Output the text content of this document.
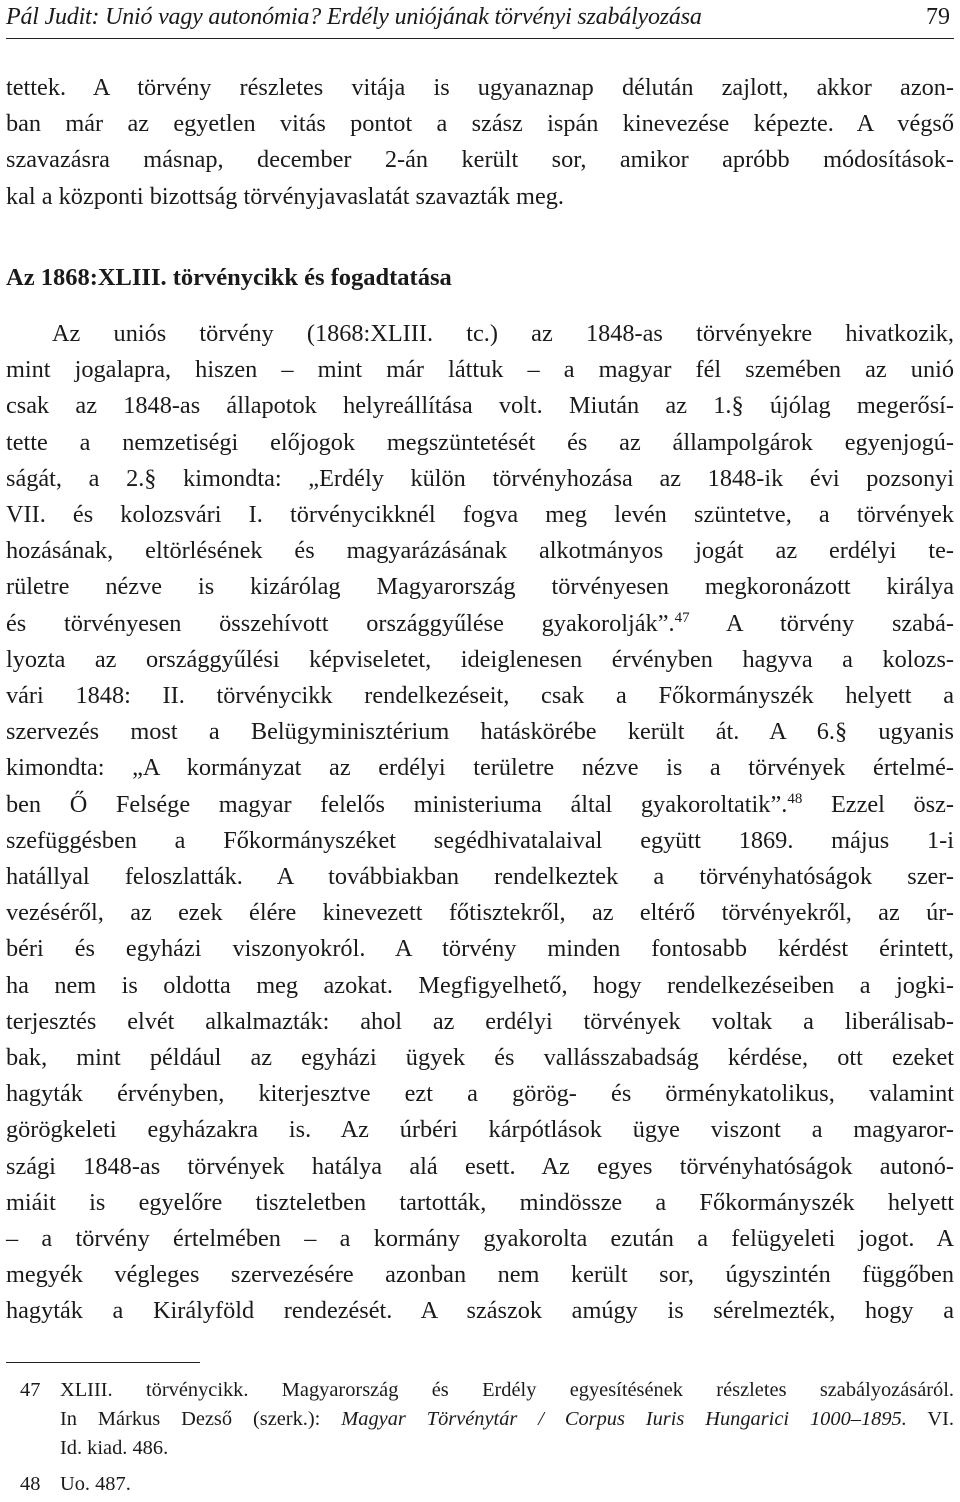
Pál Judit: Unió vagy autonómia? Erdély uniójának törvényi szabályozása	79
tettek. A törvény részletes vitája is ugyanaznap délután zajlott, akkor azon-
ban már az egyetlen vitás pontot a szász ispán kinevezése képezte. A végső
szavazásra másnap, december 2-án került sor, amikor apróbb módosítások-
kal a központi bizottság törvényjavaslatát szavazták meg.
Az 1868:XLIII. törvénycikk és fogadtatása
Az uniós törvény (1868:XLIII. tc.) az 1848-as törvényekre hivatkozik,
mint jogalapra, hiszen – mint már láttuk – a magyar fél szemében az unió
csak az 1848-as állapotok helyreállítása volt. Miután az 1.§ újólag megerősí-
tette a nemzetiségi előjogok megszüntetését és az állampolgárok egyenjogú-
ságát, a 2.§ kimondta: „Erdély külön törvényhozása az 1848-ik évi pozsonyi
VII. és kolozsvári I. törvénycikknél fogva meg levén szüntetve, a törvények
hozásának, eltörlésének és magyarázásának alkotmányos jogát az erdélyi te-
rületre nézve is kizárólag Magyarország törvényesen megkoronázott királya
és törvényesen összehívott országgyűlése gyakorolják”.$^{47}$ A törvény szabá-
lyozta az országgyűlési képviseletet, ideiglenesen érvényben hagyva a kolozs-
vári 1848: II. törvénycikk rendelkezéseit, csak a Főkormányszék helyett a
szervezés most a Belügyminisztérium hatáskörébe került át. A 6.§ ugyanis
kimondta: „A kormányzat az erdélyi területre nézve is a törvények értelmé-
ben Ő Felsége magyar felelős ministeriuma által gyakoroltatik”.$^{48}$ Ezzel ösz-
szefüggésben a Főkormányszéket segédhivatalaival együtt 1869. május 1-i
hatállyal feloszlatták. A továbbiakban rendelkeztek a törvényhatóságok szer-
vezéséről, az ezek élére kinevezett főtisztekről, az eltérő törvényekről, az úr-
béri és egyházi viszonyokról. A törvény minden fontosabb kérdést érintett,
ha nem is oldotta meg azokat. Megfigyelhető, hogy rendelkezéseiben a jogki-
terjesztés elvét alkalmazták: ahol az erdélyi törvények voltak a liberálisab-
bak, mint például az egyházi ügyek és vallásszabadság kérdése, ott ezeket
hagyták érvényben, kiterjesztve ezt a görög- és örménykatolikus, valamint
görögkeleti egyházakra is. Az úrbéri kárpótlások ügye viszont a magyaror-
szági 1848-as törvények hatálya alá esett. Az egyes törvényhatóságok autonó-
miáit is egyelőre tiszteletben tartották, mindössze a Főkormányszék helyett
– a törvény értelmében – a kormány gyakorolta ezután a felügyeleti jogot. A
megyék végleges szervezésére azonban nem került sor, úgyszintén függőben
hagyták a Királyföld rendezését. A szászok amúgy is sérelmezték, hogy a
47 XLIII. törvénycikk. Magyarország és Erdély egyesítésének részletes szabályozásáról.
In Márkus Dezső (szerk.): Magyar Törvénytár / Corpus Iuris Hungarici 1000–1895. VI.
Id. kiad. 486.
48 Uo. 487.
